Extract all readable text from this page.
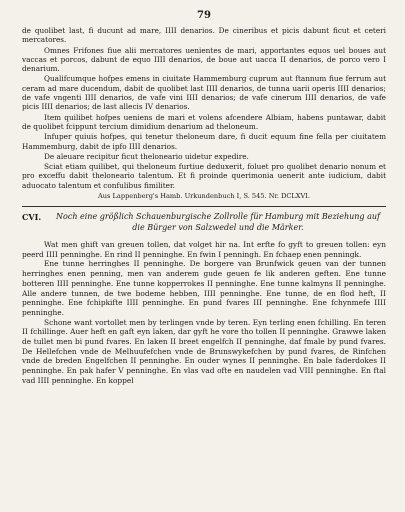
79

de quolibet last, fi ducunt ad mare, IIII denarios. De cineribus et picis dabunt ficut et ceteri mercatores.

Omnes Frifones fiue alii mercatores uenientes de mari, apportantes equos uel boues aut vaccas et porcos, dabunt de equo IIII denarios, de boue aut uacca II denarios, de porco vero I denarium.

Qualifcumque hofpes emens in ciuitate Hammemburg cuprum aut ftannum fiue ferrum aut ceram ad mare ducendum, dabit de quolibet last IIII denarios, de tunna uarii operis IIII denarios; de vafe vngenti IIII denarios, de vafe vini IIII denarios; de vafe cinerum IIII denarios, de vafe picis IIII denarios; de last allecis IV denarios.

Item quilibet hofpes ueniens de mari et volens afcendere Albiam, habens puntawar, dabit de quolibet fcippunt tercium dimidium denarium ad theloneum.

Infuper quiuis hofpes, qui tenetur theloneum dare, fi ducit equum fine fella per ciuitatem Hammemburg, dabit de ipfo IIII denarios.

De aleuare recipitur ficut theloneario uidetur expedire.

Sciat etiam quilibet, qui theloneum furtiue deduxerit, foluet pro quolibet denario nonum et pro exceffu dabit theloneario talentum. Et fi proinde querimonia uenerit ante iudicium, dabit aduocato talentum et confulibus fimiliter.

Aus Lappenberg's Hamb. Urkundenbuch I, S. 545. Nr. DCLXVI.
CVI.	Noch eine größlich Schauenburgische Zollrolle für Hamburg mit Beziehung auf die Bürger von Salzwedel und die Märker.

Wat men ghift van greuen tollen, dat volget hir na. Int erfte fo gyft to greuen tollen: eyn peerd IIII penninghe. En rind II penninghe. En fwin I penningh. En fchaep enen penningk.

Ene tunne herringhes II penninghe. De borgere van Brunfwick geuen van der tunnen herringhes enen penning, men van anderem gude geuen fe lik anderen geften. Ene tunne botteren IIII penninghe. Ene tunne kopperrokes II penninghe. Ene tunne kalmyns II penninghe. Alle andere tunnen, de twe bodeme hebben, IIII penninghe. Ene tunne, de en flod heft, II penninghe. Ene fchipkifte IIII penninghe. En pund fvares III penninghe. Ene fchynmefe IIII penninghe.

Schone want vortollet men by terlingen vnde by teren. Eyn terling enen fchilling. En teren II fchillinge. Auer heft en gaft eyn laken, dar gyft he vore tho tollen II penninghe. Grawwe laken de tullet men bi pund fvares. En laken II breet engelfch II penninghe, daf fmale by pund fvares. De Hellefchen vnde de Melhuufefchen vnde de Brunswykefchen by pund fvares, de Rinfchen vnde de breden Engelfchen II penninghe. En ouder wynes II penninghe. En bale faderdokes II penninghe. En pak hafer V penninghe. En vlas vad ofte en naudelen vad VIII penninghe. En ftal vad IIII penninghe. En koppel
